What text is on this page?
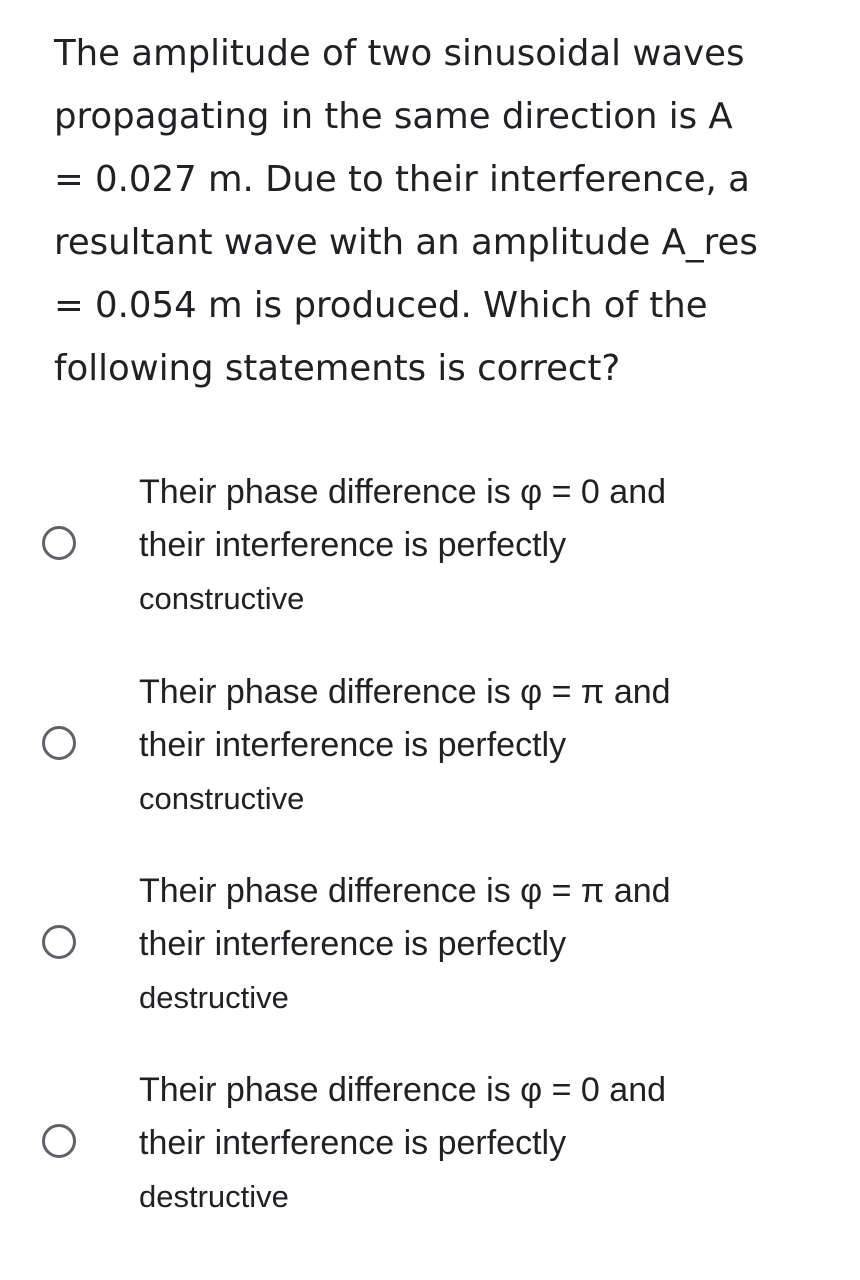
The amplitude of two sinusoidal waves
propagating in the same direction is A
= 0.027 m. Due to their interference, a
resultant wave with an amplitude A_res
= 0.054 m is produced. Which of the
following statements is correct?
Their phase difference is φ = 0 and
their interference is perfectly
constructive
Their phase difference is φ = π and
their interference is perfectly
constructive
Their phase difference is φ = π and
their interference is perfectly
destructive
Their phase difference is φ = 0 and
their interference is perfectly
destructive
